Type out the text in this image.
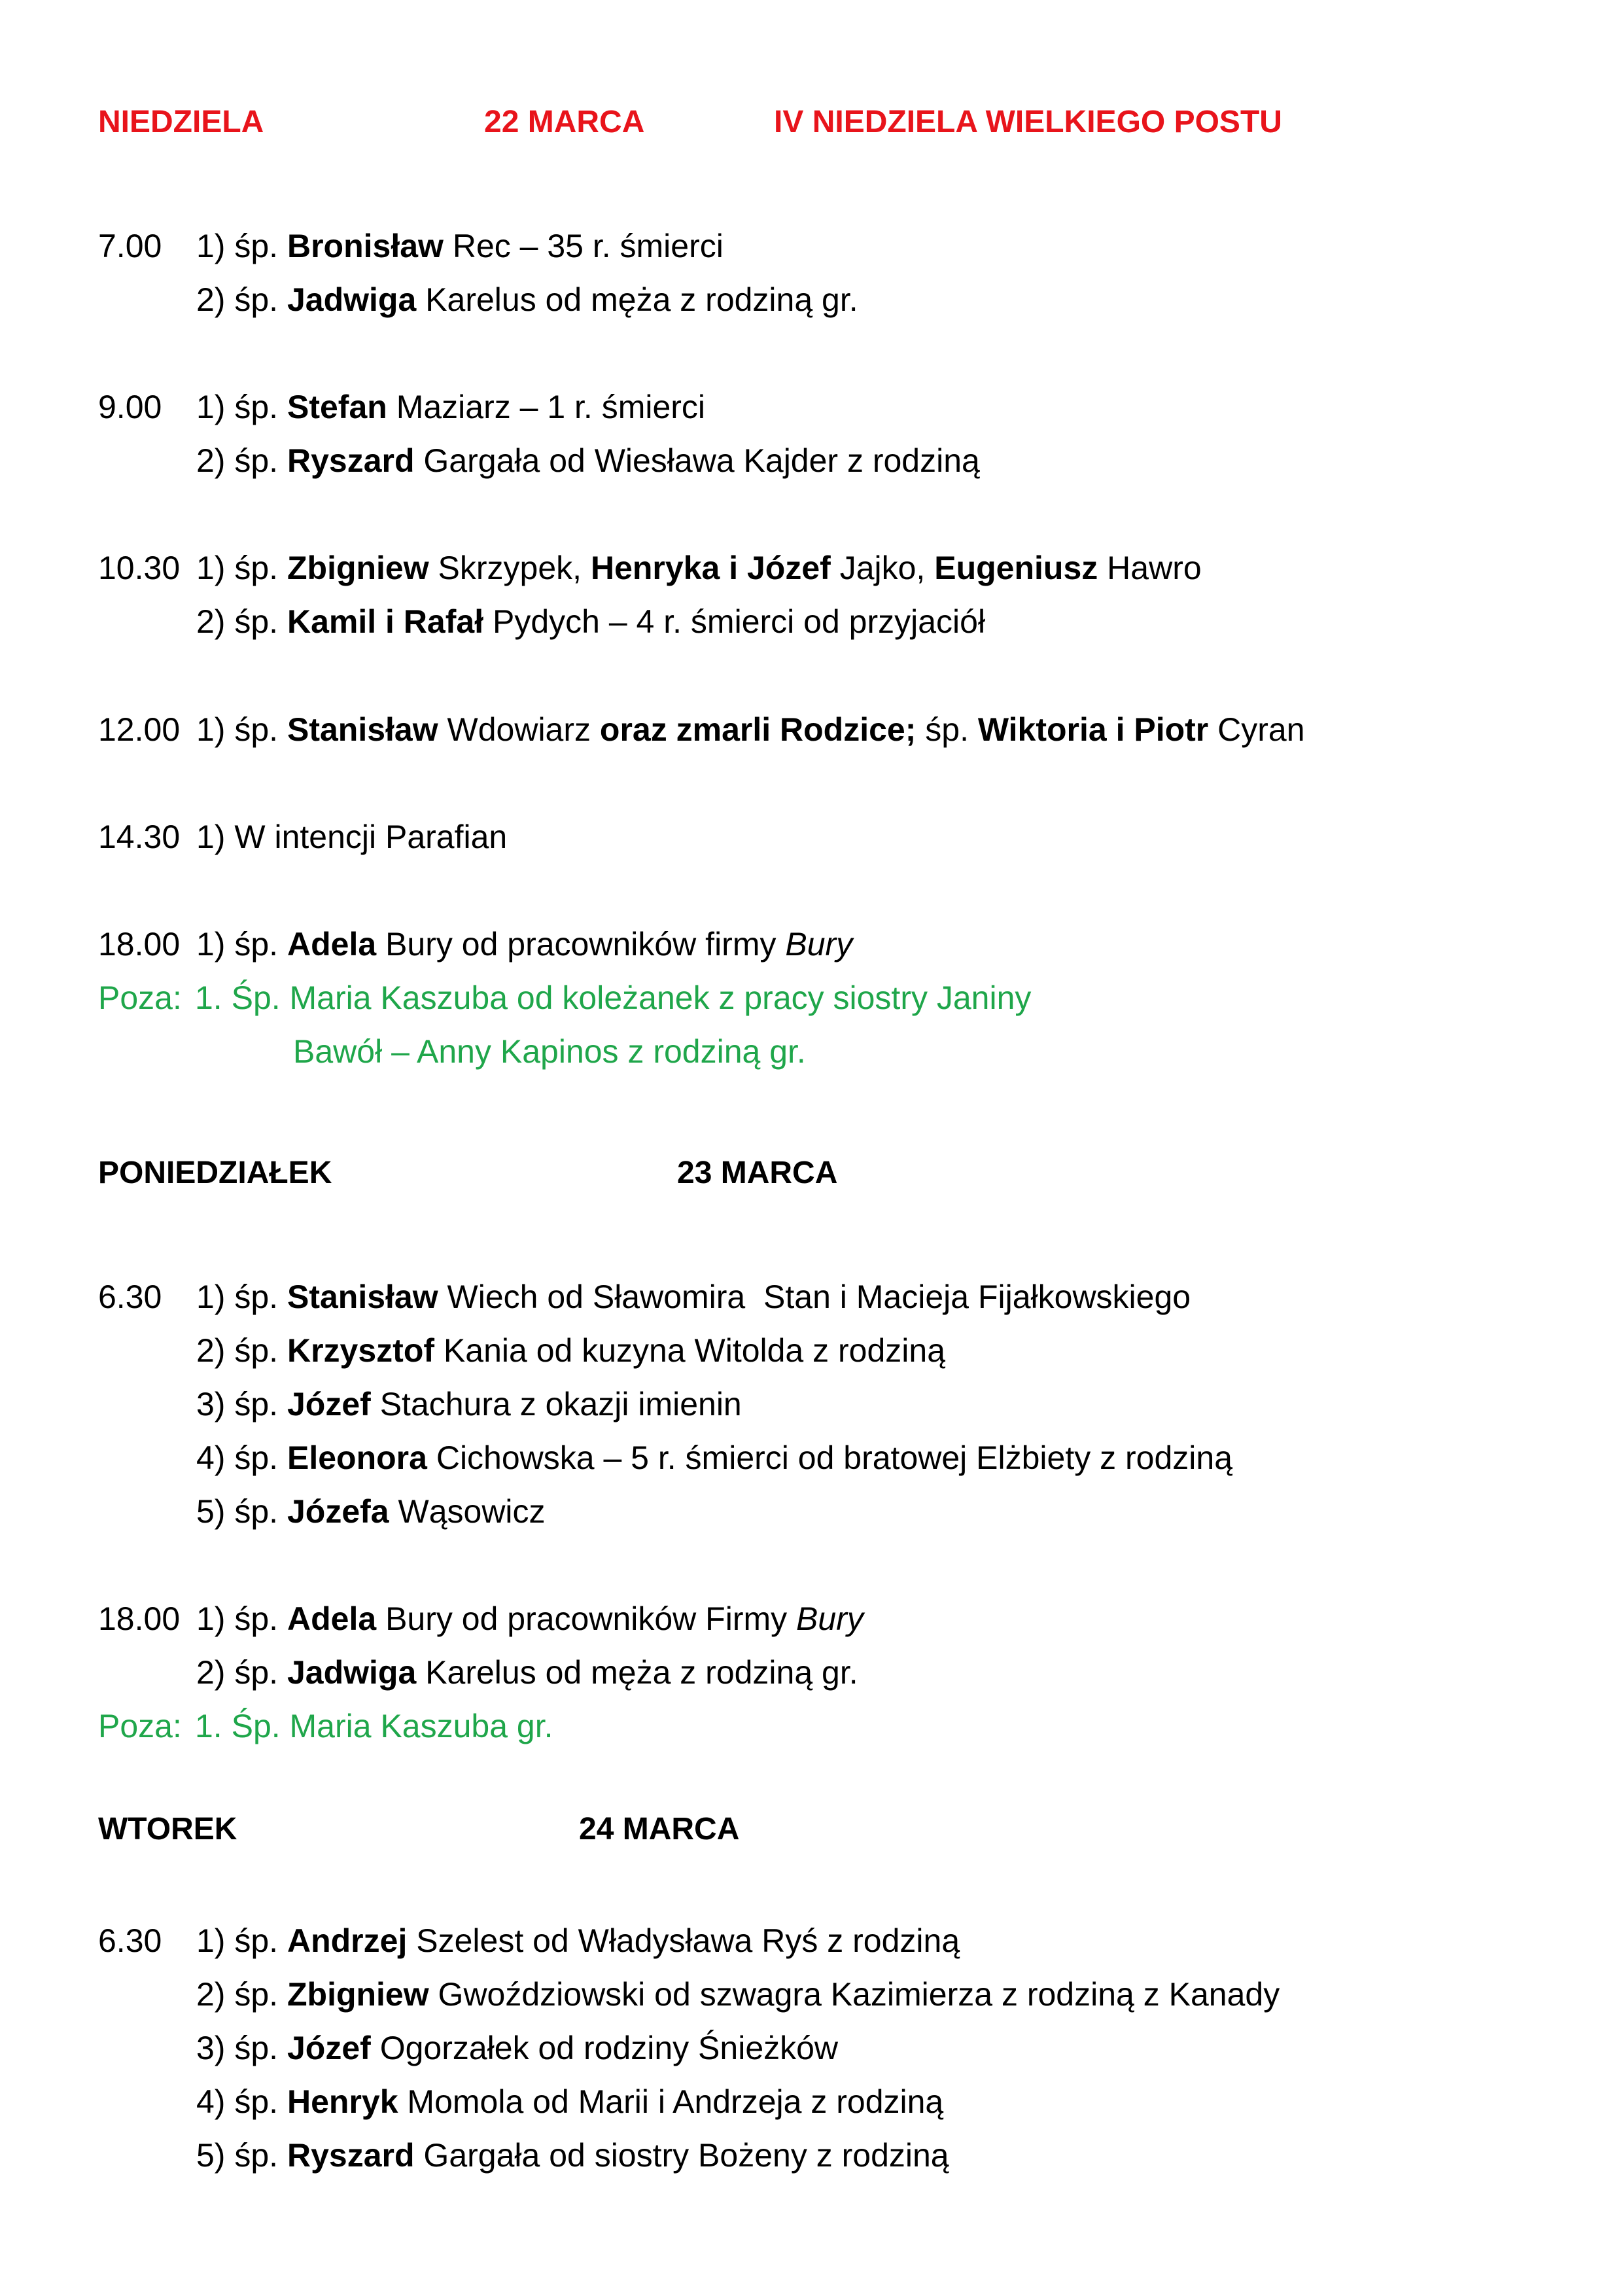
NIEDZIELA	22 MARCA	IV NIEDZIELA WIELKIEGO POSTU
7.00 1) śp. Bronisław Rec – 35 r. śmierci
2) śp. Jadwiga Karelus od męża z rodziną gr.
9.00 1) śp. Stefan Maziarz – 1 r. śmierci
2) śp. Ryszard Gargała od Wiesława Kajder z rodziną
10.30 1) śp. Zbigniew Skrzypek, Henryka i Józef Jajko, Eugeniusz Hawro
2) śp. Kamil i Rafał Pydych – 4 r. śmierci od przyjaciół
12.00 1) śp. Stanisław Wdowiarz oraz zmarli Rodzice; śp. Wiktoria i Piotr Cyran
14.30 1) W intencji Parafian
18.00 1) śp. Adela Bury od pracowników firmy Bury
Poza: 1. Śp. Maria Kaszuba od koleżanek z pracy siostry Janiny
Bawół – Anny Kapinos z rodziną gr.
PONIEDZIAŁEK	23 MARCA
6.30 1) śp. Stanisław Wiech od Sławomira  Stan i Macieja Fijałkowskiego
2) śp. Krzysztof Kania od kuzyna Witolda z rodziną
3) śp. Józef Stachura z okazji imienin
4) śp. Eleonora Cichowska – 5 r. śmierci od bratowej Elżbiety z rodziną
5) śp. Józefa Wąsowicz
18.00 1) śp. Adela Bury od pracowników Firmy Bury
2) śp. Jadwiga Karelus od męża z rodziną gr.
Poza: 1. Śp. Maria Kaszuba gr.
WTOREK	24 MARCA
6.30 1) śp. Andrzej Szelest od Władysława Ryś z rodziną
2) śp. Zbigniew Gwoździowski od szwagra Kazimierza z rodziną z Kanady
3) śp. Józef Ogorzałek od rodziny Śnieżków
4) śp. Henryk Momola od Marii i Andrzeja z rodziną
5) śp. Ryszard Gargała od siostry Bożeny z rodziną
